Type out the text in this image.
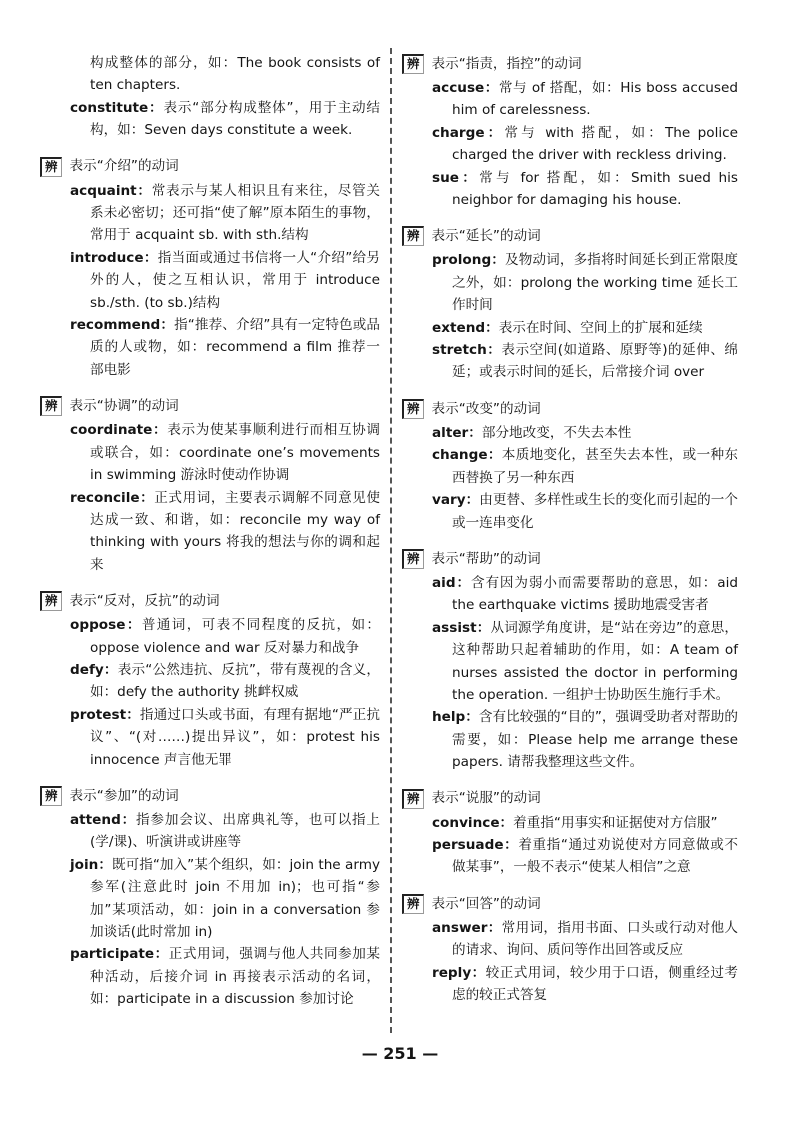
构成整体的部分，如：The book consists of ten chapters.
constitute：表示“部分构成整体”，用于主动结构，如：Seven days constitute a week.
辨 表示“介绍”的动词
acquaint：常表示与某人相识且有来往，尽管关系未必密切；还可指“使了解”原本陌生的事物，常用于 acquaint sb. with sth.结构
introduce：指当面或通过书信将一人“介绍”给另外的人，使之互相认识，常用于 introduce sb./sth. (to sb.)结构
recommend：指“推荐、介绍”具有一定特色或品质的人或物，如：recommend a film 推荐一部电影
辨 表示“协调”的动词
coordinate：表示为使某事顺利进行而相互协调或联合，如：coordinate one’s movements in swimming 游泳时使动作协调
reconcile：正式用词，主要表示调解不同意见使达成一致、和谐，如：reconcile my way of thinking with yours 将我的想法与你的调和起来
辨 表示“反对，反抗”的动词
oppose：普通词，可表不同程度的反抗，如：oppose violence and war 反对暴力和战争
defy：表示“公然违抗、反抗”，带有蔑视的含义，如：defy the authority 挑衅权威
protest：指通过口头或书面，有理有据地“严正抗议”、“(对……)提出异议”，如：protest his innocence 声言他无罪
辨 表示“参加”的动词
attend：指参加会议、出席典礼等，也可以指上(学/课)、听演讲或讲座等
join：既可指“加入”某个组织，如：join the army 参军(注意此时 join 不用加 in)；也可指“参加”某项活动，如：join in a conversation 参加谈话(此时常加 in)
participate：正式用词，强调与他人共同参加某种活动，后接介词 in 再接表示活动的名词，如：participate in a discussion 参加讨论
辨 表示“指责，指控”的动词
accuse：常与 of 搭配，如：His boss accused him of carelessness.
charge：常与 with 搭配，如：The police charged the driver with reckless driving.
sue：常与 for 搭配，如：Smith sued his neighbor for damaging his house.
辨 表示“延长”的动词
prolong：及物动词，多指将时间延长到正常限度之外，如：prolong the working time 延长工作时间
extend：表示在时间、空间上的扩展和延续
stretch：表示空间(如道路、原野等)的延伸、绵延；或表示时间的延长，后常接介词 over
辨 表示“改变”的动词
alter：部分地改变，不失去本性
change：本质地变化，甚至失去本性，或一种东西替换了另一种东西
vary：由更替、多样性或生长的变化而引起的一个或一连串变化
辨 表示“帮助”的动词
aid：含有因为弱小而需要帮助的意思，如：aid the earthquake victims 援助地震受害者
assist：从词源学角度讲，是“站在旁边”的意思，这种帮助只起着辅助的作用，如：A team of nurses assisted the doctor in performing the operation. 一组护士协助医生施行手术。
help：含有比较强的“目的”，强调受助者对帮助的需要，如：Please help me arrange these papers. 请帮我整理这些文件。
辨 表示“说服”的动词
convince：着重指“用事实和证据使对方信服”
persuade：着重指“通过劝说使对方同意做或不做某事”，一般不表示“使某人相信”之意
辨 表示“回答”的动词
answer：常用词，指用书面、口头或行动对他人的请求、询问、质问等作出回答或反应
reply：较正式用词，较少用于口语，侧重经过考虑的较正式答复
— 251 —
